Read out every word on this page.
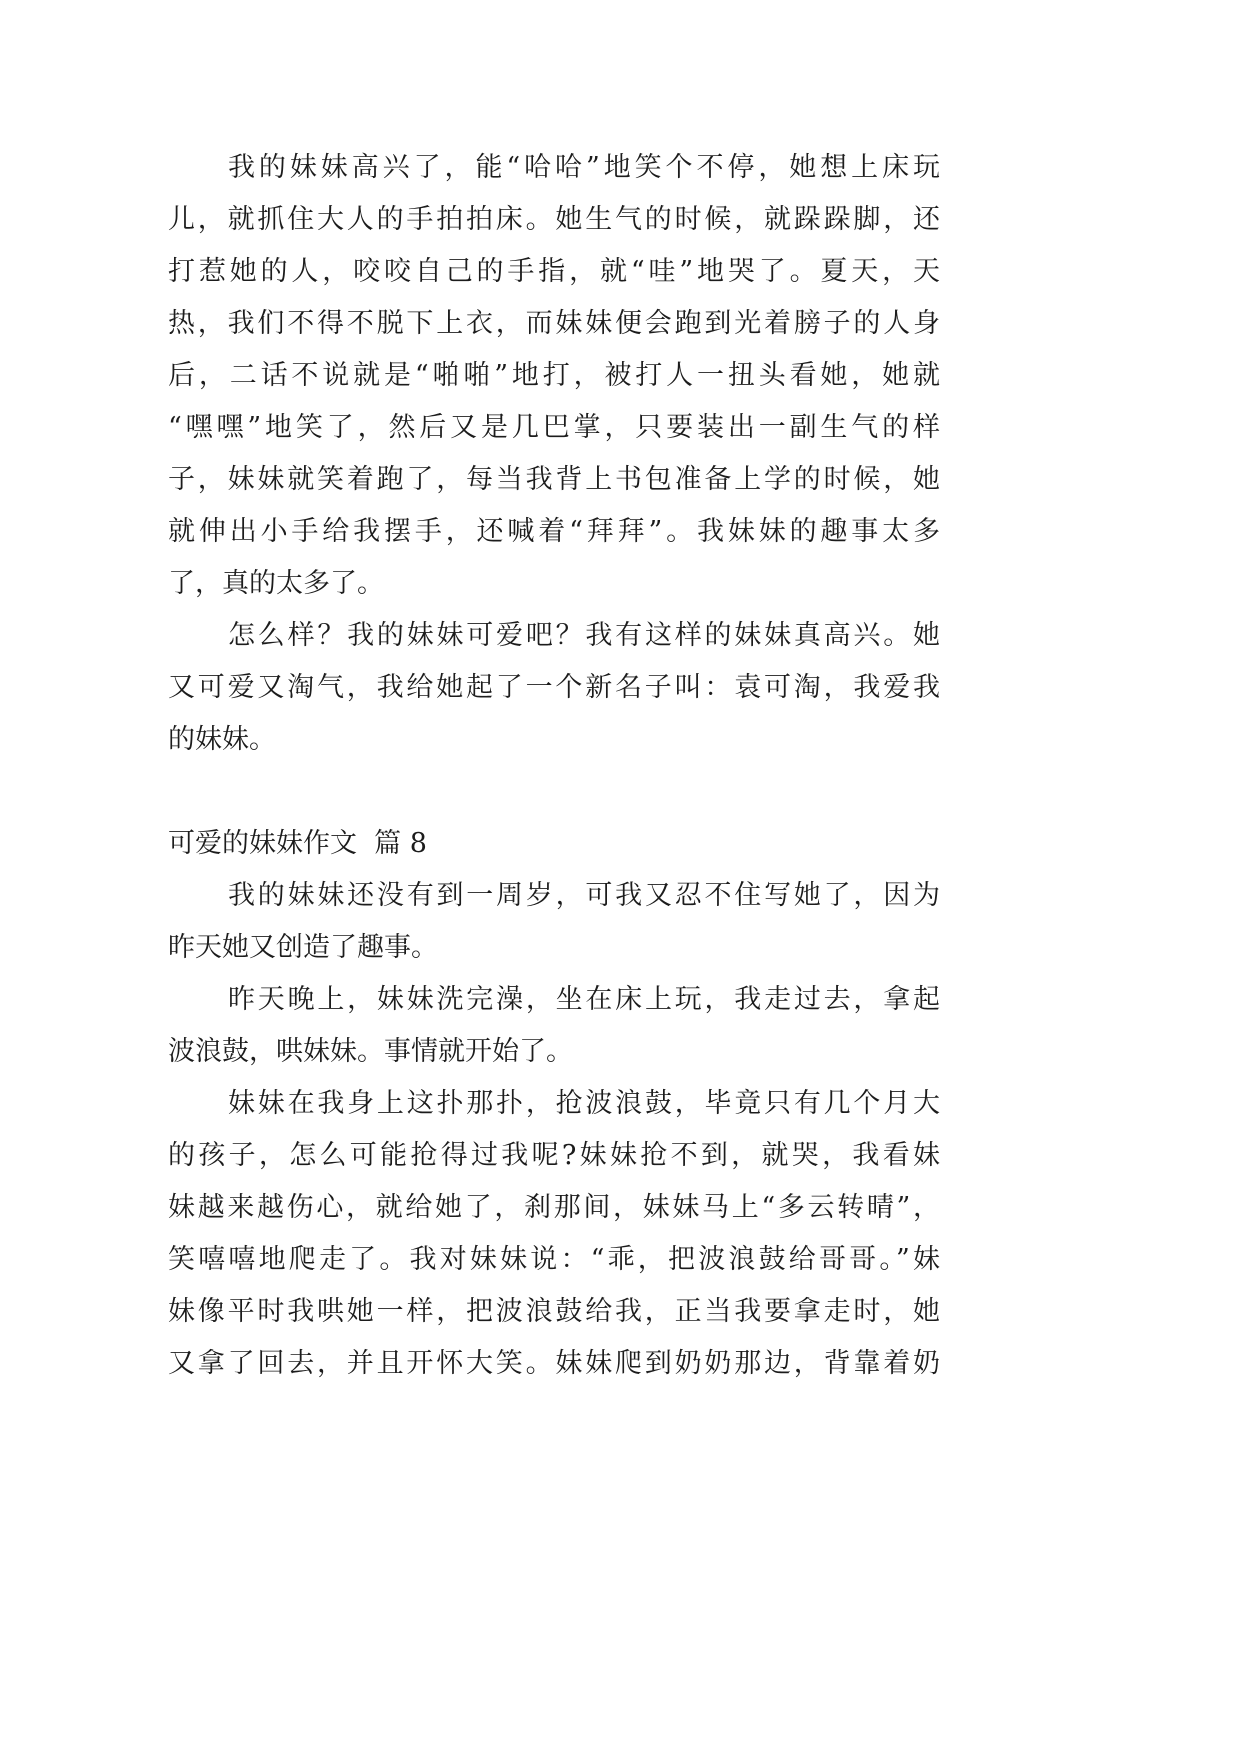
我的妹妹高兴了，能“哈哈”地笑个不停，她想上床玩
儿，就抓住大人的手拍拍床。她生气的时候，就跺跺脚，还
打惹她的人，咬咬自己的手指，就“哇”地哭了。夏天，天
热，我们不得不脱下上衣，而妹妹便会跑到光着膀子的人身
后，二话不说就是“啪啪”地打，被打人一扭头看她，她就
“嘿嘿”地笑了，然后又是几巴掌，只要装出一副生气的样
子，妹妹就笑着跑了，每当我背上书包准备上学的时候，她
就伸出小手给我摆手，还喊着“拜拜”。我妹妹的趣事太多
了，真的太多了。
怎么样？我的妹妹可爱吧？我有这样的妹妹真高兴。她
又可爱又淘气，我给她起了一个新名子叫：袁可淘，我爱我
的妹妹。
可爱的妹妹作文  篇 8
我的妹妹还没有到一周岁，可我又忍不住写她了，因为
昨天她又创造了趣事。
昨天晚上，妹妹洗完澡，坐在床上玩，我走过去，拿起
波浪鼓，哄妹妹。事情就开始了。
妹妹在我身上这扑那扑，抢波浪鼓，毕竟只有几个月大
的孩子，怎么可能抢得过我呢?妹妹抢不到，就哭，我看妹
妹越来越伤心，就给她了，刹那间，妹妹马上“多云转晴”，
笑嘻嘻地爬走了。我对妹妹说：“乖，把波浪鼓给哥哥。”妹
妹像平时我哄她一样，把波浪鼓给我，正当我要拿走时，她
又拿了回去，并且开怀大笑。妹妹爬到奶奶那边，背靠着奶
